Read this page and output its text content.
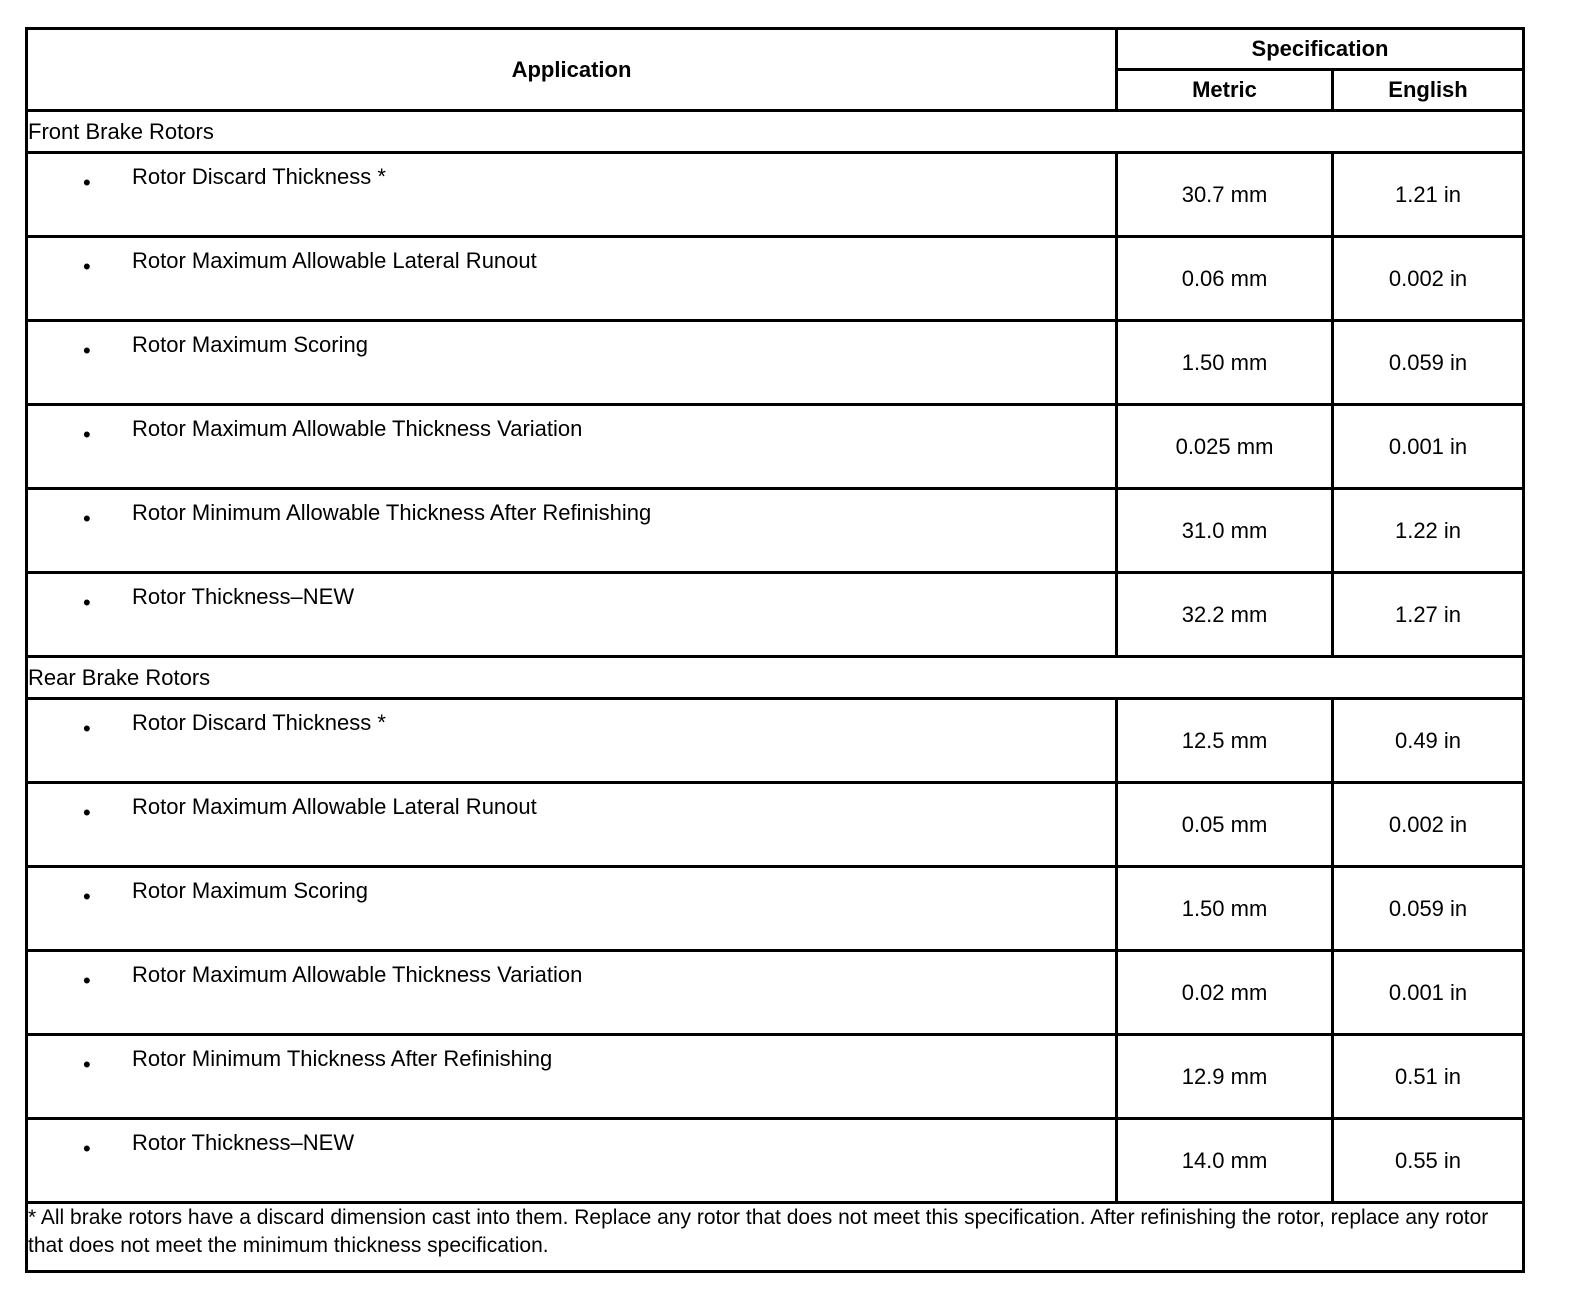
Application	Specification	
	Metric	English
Front Brake Rotors		

• Rotor Discard Thickness *	30.7 mm	1.21 in

• Rotor Maximum Allowable Lateral Runout	0.06 mm	0.002 in

• Rotor Maximum Scoring	1.50 mm	0.059 in

• Rotor Maximum Allowable Thickness Variation	0.025 mm	0.001 in

• Rotor Minimum Allowable Thickness After Refinishing	31.0 mm	1.22 in

• Rotor Thickness–NEW	32.2 mm	1.27 in
Rear Brake Rotors		

• Rotor Discard Thickness *	12.5 mm	0.49 in

• Rotor Maximum Allowable Lateral Runout	0.05 mm	0.002 in

• Rotor Maximum Scoring	1.50 mm	0.059 in

• Rotor Maximum Allowable Thickness Variation	0.02 mm	0.001 in

• Rotor Minimum Thickness After Refinishing	12.9 mm	0.51 in

• Rotor Thickness–NEW	14.0 mm	0.55 in
* All brake rotors have a discard dimension cast into them. Replace any rotor that does not meet this specification. After refinishing the rotor, replace any rotor that does not meet the minimum thickness specification.		
